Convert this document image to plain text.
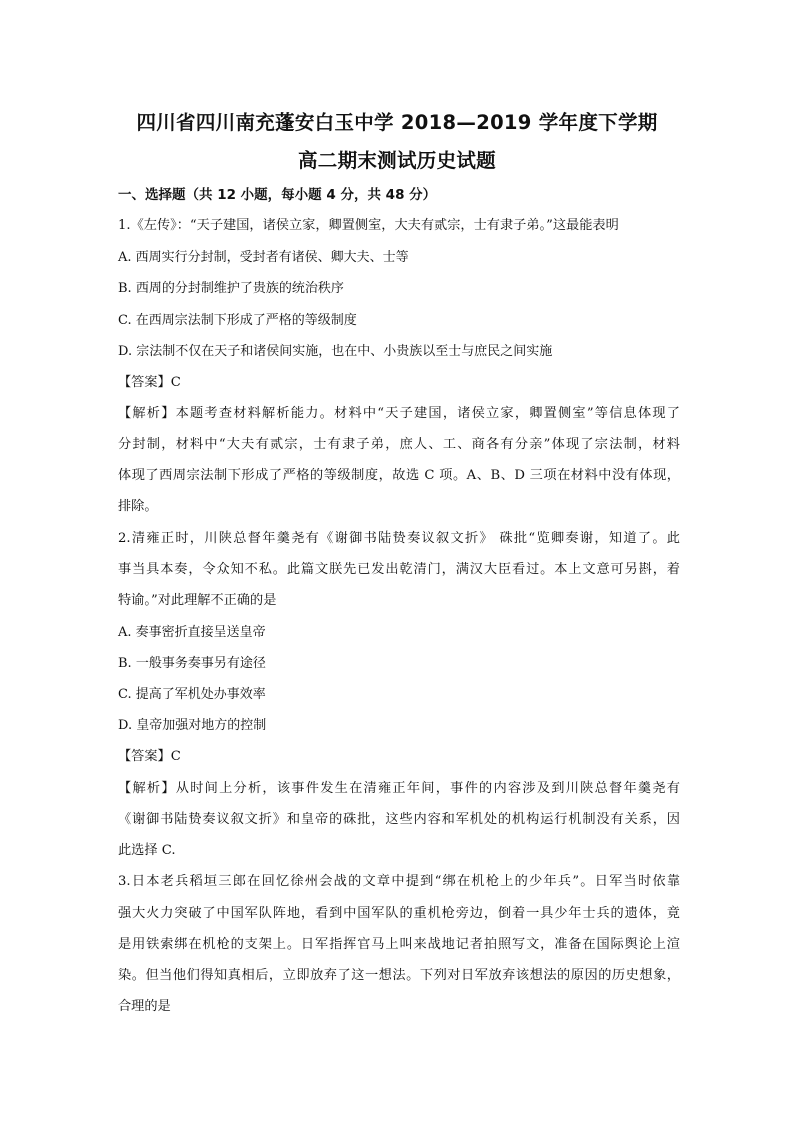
四川省四川南充蓬安白玉中学 2018—2019 学年度下学期
高二期末测试历史试题
一、选择题（共 12 小题，每小题 4 分，共 48 分）
1.《左传》：“天子建国，诸侯立家，卿置侧室，大夫有贰宗，士有隶子弟。”这最能表明
A. 西周实行分封制，受封者有诸侯、卿大夫、士等
B. 西周的分封制维护了贵族的统治秩序
C. 在西周宗法制下形成了严格的等级制度
D. 宗法制不仅在天子和诸侯间实施，也在中、小贵族以至士与庶民之间实施
【答案】C
【解析】本题考查材料解析能力。材料中“天子建国，诸侯立家，卿置侧室”等信息体现了
分封制，材料中“大夫有贰宗，士有隶子弟，庶人、工、商各有分亲”体现了宗法制，材料
体现了西周宗法制下形成了严格的等级制度，故选 C 项。A、B、D 三项在材料中没有体现，
排除。
2.清雍正时，川陕总督年羹尧有《谢御书陆贽奏议叙文折》 硃批“览卿奏谢，知道了。此
事当具本奏，令众知不私。此篇文朕先已发出乾清门，满汉大臣看过。本上文意可另斟，着
特谕。”对此理解不正确的是
A. 奏事密折直接呈送皇帝
B. 一般事务奏事另有途径
C. 提高了军机处办事效率
D. 皇帝加强对地方的控制
【答案】C
【解析】从时间上分析，该事件发生在清雍正年间，事件的内容涉及到川陕总督年羹尧有
《谢御书陆贽奏议叙文折》和皇帝的硃批，这些内容和军机处的机构运行机制没有关系，因
此选择 C.
3.日本老兵稻垣三郎在回忆徐州会战的文章中提到“绑在机枪上的少年兵”。日军当时依靠
强大火力突破了中国军队阵地，看到中国军队的重机枪旁边，倒着一具少年士兵的遗体，竟
是用铁索绑在机枪的支架上。日军指挥官马上叫来战地记者拍照写文，准备在国际舆论上渲
染。但当他们得知真相后，立即放弃了这一想法。下列对日军放弃该想法的原因的历史想象，
合理的是
